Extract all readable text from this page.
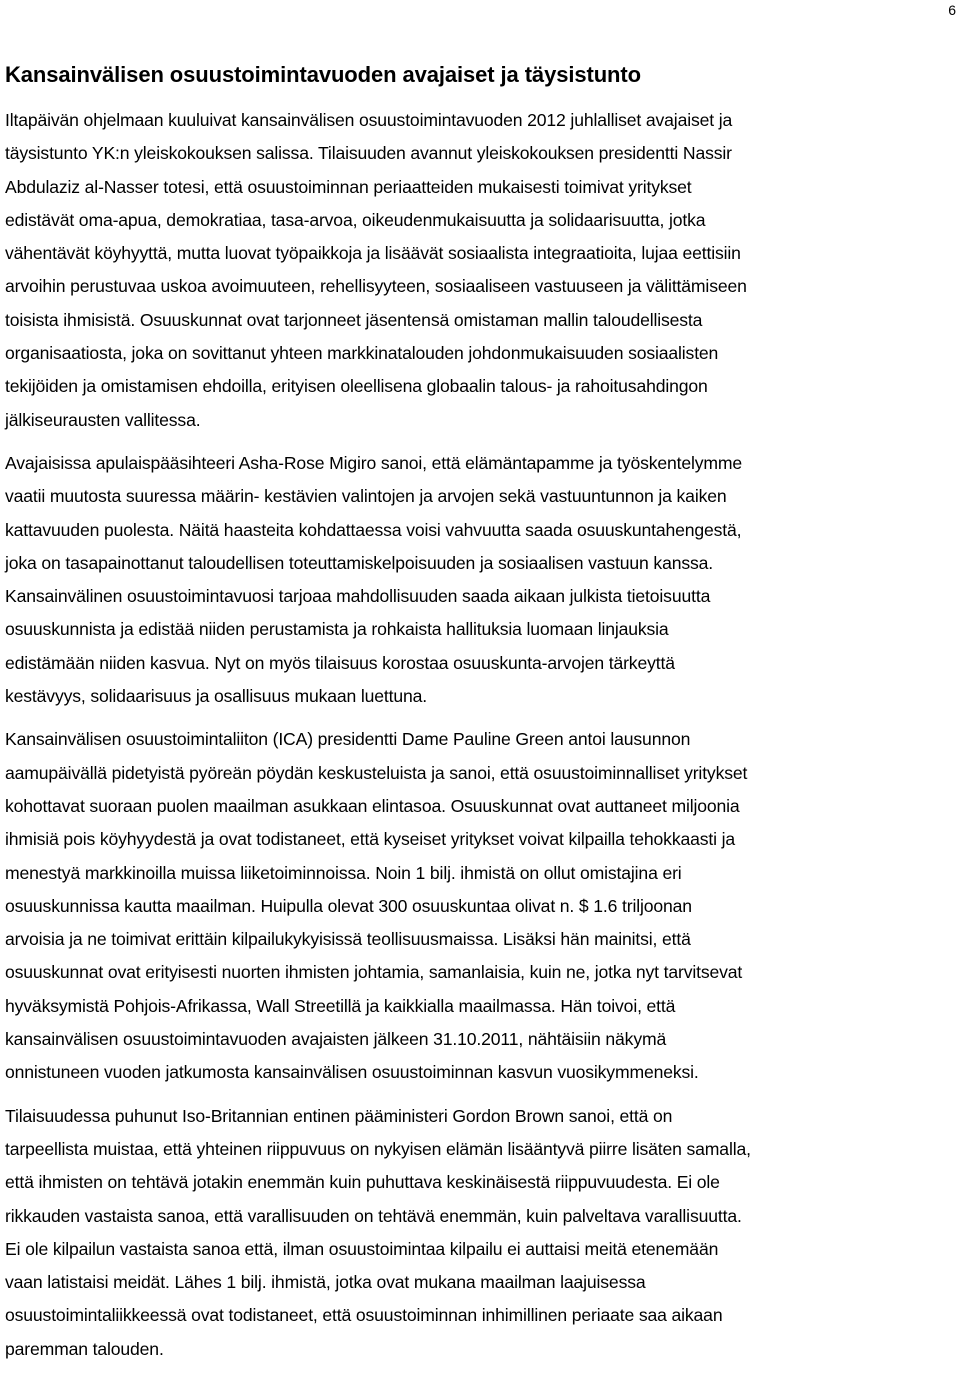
6
Kansainvälisen osuustoimintavuoden avajaiset ja täysistunto

Iltapäivän ohjelmaan kuuluivat kansainvälisen osuustoimintavuoden 2012 juhlalliset avajaiset ja
täysistunto YK:n yleiskokouksen salissa. Tilaisuuden avannut yleiskokouksen presidentti Nassir
Abdulaziz al-Nasser totesi, että osuustoiminnan periaatteiden mukaisesti toimivat yritykset
edistävät oma-apua, demokratiaa, tasa-arvoa, oikeudenmukaisuutta ja solidaarisuutta, jotka
vähentävät köyhyyttä, mutta luovat työpaikkoja ja lisäävät sosiaalista integraatioita, lujaa eettisiin
arvoihin perustuvaa uskoa avoimuuteen, rehellisyyteen, sosiaaliseen vastuuseen ja välittämiseen
toisista ihmisistä. Osuuskunnat ovat tarjonneet jäsentensä omistaman mallin taloudellisesta
organisaatiosta, joka on sovittanut yhteen markkinatalouden johdonmukaisuuden sosiaalisten
tekijöiden ja omistamisen ehdoilla, erityisen oleellisena globaalin talous- ja rahoitusahdingon
jälkiseurausten vallitessa.

Avajaisissa apulaispääsihteeri Asha-Rose Migiro sanoi, että elämäntapamme ja työskentelymme
vaatii muutosta suuressa määrin- kestävien valintojen ja arvojen sekä vastuuntunnon ja kaiken
kattavuuden puolesta. Näitä haasteita kohdattaessa voisi vahvuutta saada osuuskuntahengestä,
joka on tasapainottanut taloudellisen toteuttamiskelpoisuuden ja sosiaalisen vastuun kanssa.
Kansainvälinen osuustoimintavuosi tarjoaa mahdollisuuden saada aikaan julkista tietoisuutta
osuuskunnista ja edistää niiden perustamista ja rohkaista hallituksia luomaan linjauksia
edistämään niiden kasvua. Nyt on myös tilaisuus korostaa osuuskunta-arvojen tärkeyttä
kestävyys, solidaarisuus ja osallisuus mukaan luettuna.

Kansainvälisen osuustoimintaliiton (ICA) presidentti Dame Pauline Green antoi lausunnon
aamupäivällä pidetyistä pyöreän pöydän keskusteluista ja sanoi, että osuustoiminnalliset yritykset
kohottavat suoraan puolen maailman asukkaan elintasoa. Osuuskunnat ovat auttaneet miljoonia
ihmisiä pois köyhyydestä ja ovat todistaneet, että kyseiset yritykset voivat kilpailla tehokkaasti ja
menestyä markkinoilla muissa liiketoiminnoissa. Noin 1 bilj. ihmistä on ollut omistajina eri
osuuskunnissa kautta maailman. Huipulla olevat 300 osuuskuntaa olivat n. $ 1.6 triljoonan
arvoisia ja ne toimivat erittäin kilpailukykyisissä teollisuusmaissa. Lisäksi hän mainitsi, että
osuuskunnat ovat erityisesti nuorten ihmisten johtamia, samanlaisia, kuin ne, jotka nyt tarvitsevat
hyväksymistä Pohjois-Afrikassa, Wall Streetillä ja kaikkialla maailmassa. Hän toivoi, että
kansainvälisen osuustoimintavuoden avajaisten jälkeen 31.10.2011, nähtäisiin näkymä
onnistuneen vuoden jatkumosta kansainvälisen osuustoiminnan kasvun vuosikymmeneksi.

Tilaisuudessa puhunut Iso-Britannian entinen pääministeri Gordon Brown sanoi, että on
tarpeellista muistaa, että yhteinen riippuvuus on nykyisen elämän lisääntyvä piirre lisäten samalla,
että ihmisten on tehtävä jotakin enemmän kuin puhuttava keskinäisestä riippuvuudesta. Ei ole
rikkauden vastaista sanoa, että varallisuuden on tehtävä enemmän, kuin palveltava varallisuutta.
Ei ole kilpailun vastaista sanoa että, ilman osuustoimintaa kilpailu ei auttaisi meitä etenemään
vaan latistaisi meidät. Lähes 1 bilj. ihmistä, jotka ovat mukana maailman laajuisessa
osuustoimintaliikkeessä ovat todistaneet, että osuustoiminnan inhimillinen periaate saa aikaan
paremman talouden.
